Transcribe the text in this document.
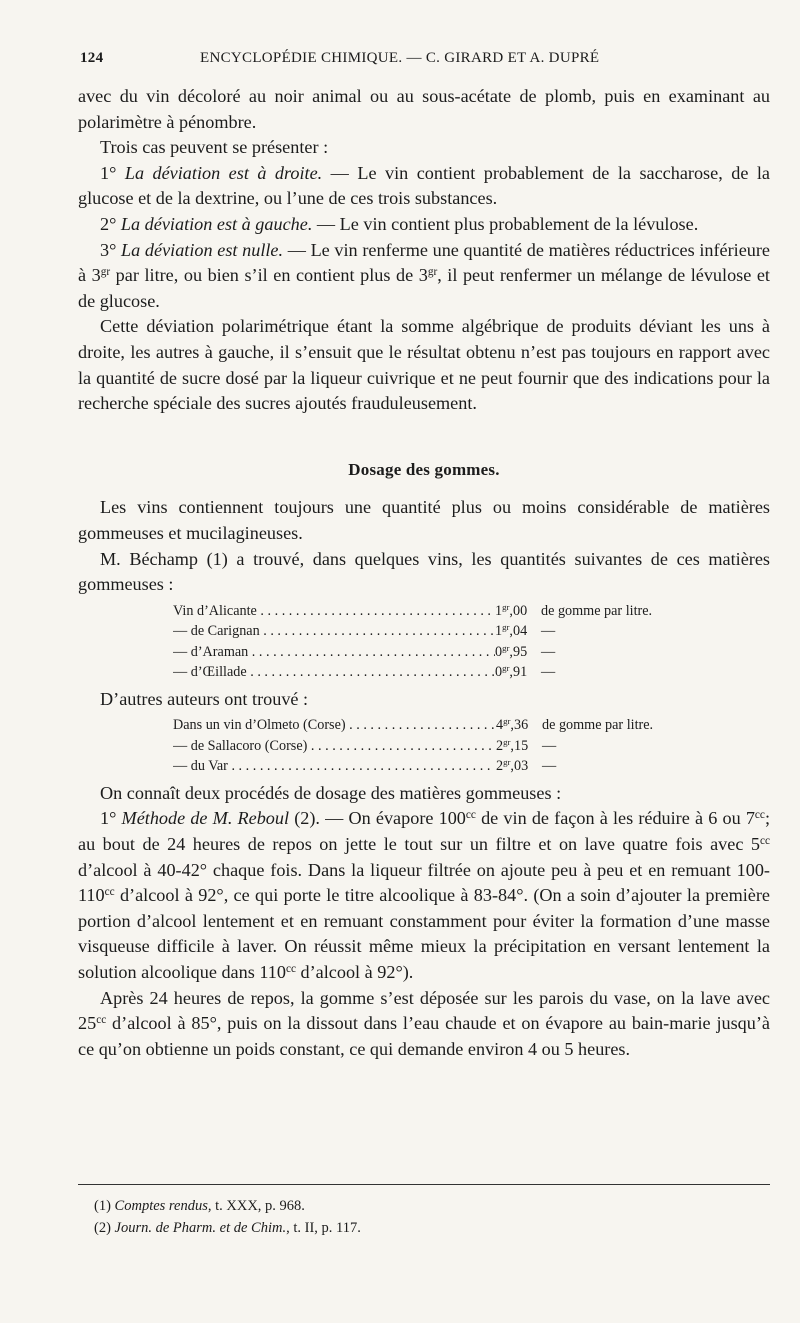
124	ENCYCLOPÉDIE CHIMIQUE. — C. GIRARD ET A. DUPRÉ

avec du vin décoloré au noir animal ou au sous-acétate de plomb, puis en examinant au polarimètre à pénombre.

Trois cas peuvent se présenter :

1° La déviation est à droite. — Le vin contient probablement de la saccharose, de la glucose et de la dextrine, ou l’une de ces trois substances.

2° La déviation est à gauche. — Le vin contient plus probablement de la lévulose.

3° La déviation est nulle. — Le vin renferme une quantité de matières réductrices inférieure à $3^{gr}$ par litre, ou bien s’il en contient plus de $3^{gr}$, il peut renfermer un mélange de lévulose et de glucose.

Cette déviation polarimétrique étant la somme algébrique de produits déviant les uns à droite, les autres à gauche, il s’ensuit que le résultat obtenu n’est pas toujours en rapport avec la quantité de sucre dosé par la liqueur cuivrique et ne peut fournir que des indications pour la recherche spéciale des sucres ajoutés frauduleusement.

Dosage des gommes.

Les vins contiennent toujours une quantité plus ou moins considérable de matières gommeuses et mucilagineuses.

M. Béchamp (1) a trouvé, dans quelques vins, les quantités suivantes de ces matières gommeuses :

Vin d’Alicante . . .	$1^{gr},00$ de gomme par litre.
— de Carignan . . .	$1^{gr},04$ —
— d’Araman . . .	$0^{gr},95$ —
— d’Œillade . . .	$0^{gr},91$ —

D’autres auteurs ont trouvé :

Dans un vin d’Olmeto (Corse) . . .	$4^{gr},36$ de gomme par litre.
— de Sallacoro (Corse) . . .	$2^{gr},15$ —
— du Var . . .	$2^{gr},03$ —

On connaît deux procédés de dosage des matières gommeuses :

1° Méthode de M. Reboul (2). — On évapore $100^{cc}$ de vin de façon à les réduire à 6 ou $7^{cc}$; au bout de 24 heures de repos on jette le tout sur un filtre et on lave quatre fois avec $5^{cc}$ d’alcool à 40-42° chaque fois. Dans la liqueur filtrée on ajoute peu à peu et en remuant $100-110^{cc}$ d’alcool à 92°, ce qui porte le titre alcoolique à 83-84°. (On a soin d’ajouter la première portion d’alcool lentement et en remuant constamment pour éviter la formation d’une masse visqueuse difficile à laver. On réussit même mieux la précipitation en versant lentement la solution alcoolique dans $110^{cc}$ d’alcool à 92°).

Après 24 heures de repos, la gomme s’est déposée sur les parois du vase, on la lave avec $25^{cc}$ d’alcool à 85°, puis on la dissout dans l’eau chaude et on évapore au bain-marie jusqu’à ce qu’on obtienne un poids constant, ce qui demande environ 4 ou 5 heures.

(1) Comptes rendus, t. XXX, p. 968.
(2) Journ. de Pharm. et de Chim., t. II, p. 117.
